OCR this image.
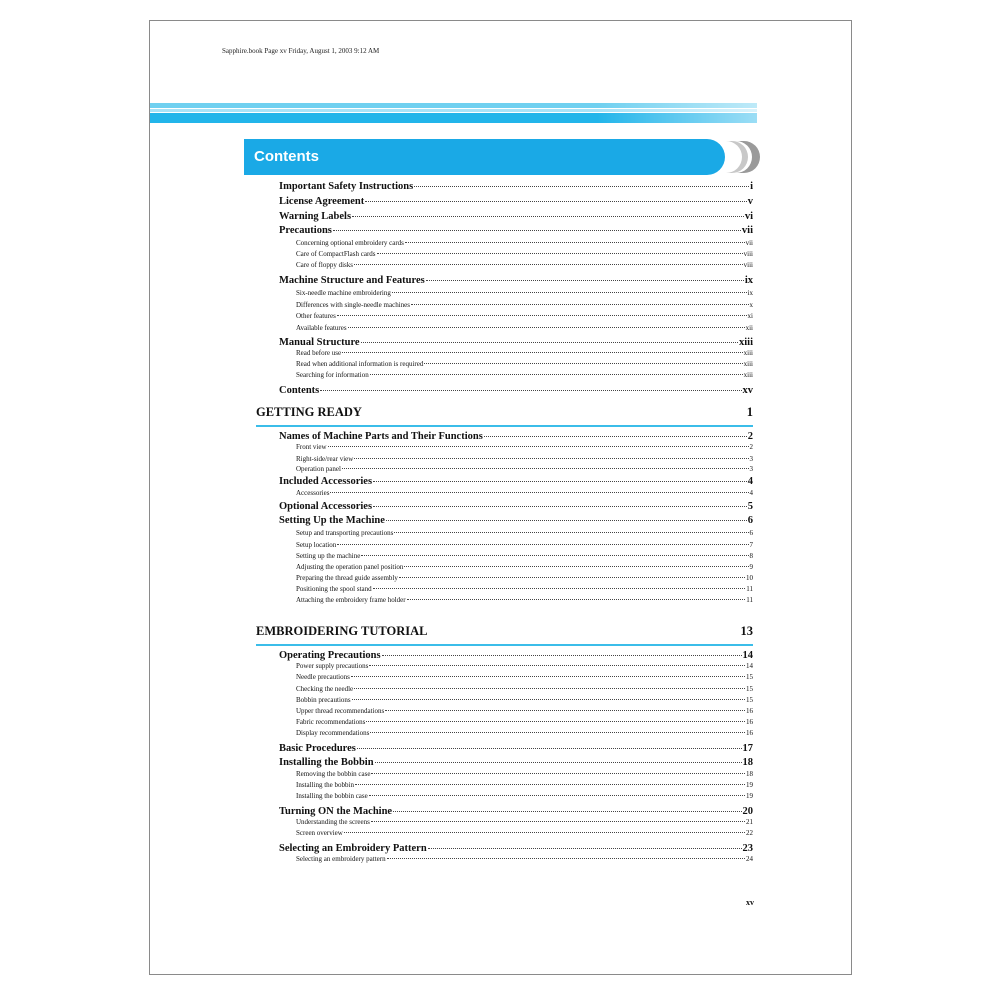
Sapphire.book Page xv Friday, August 1, 2003 9:12 AM
Contents
Important Safety Instructions	i
License Agreement	v
Warning Labels	vi
Precautions	vii
Concerning optional embroidery cards	vii
Care of CompactFlash cards	viii
Care of floppy disks	viii
Machine Structure and Features	ix
Six-needle machine embroidering	ix
Differences with single-needle machines	x
Other features	xi
Available features	xii
Manual Structure	xiii
Read before use	xiii
Read when additional information is required	xiii
Searching for information	xiii
Contents	xv
GETTING READY	1
Names of Machine Parts and Their Functions	2
Front view	2
Right-side/rear view	3
Operation panel	3
Included Accessories	4
Accessories	4
Optional Accessories	5
Setting Up the Machine	6
Setup and transporting precautions	6
Setup location	7
Setting up the machine	8
Adjusting the operation panel position	9
Preparing the thread guide assembly	10
Positioning the spool stand	11
Attaching the embroidery frame holder	11
EMBROIDERING TUTORIAL	13
Operating Precautions	14
Power supply precautions	14
Needle precautions	15
Checking the needle	15
Bobbin precautions	15
Upper thread recommendations	16
Fabric recommendations	16
Display recommendations	16
Basic Procedures	17
Installing the Bobbin	18
Removing the bobbin case	18
Installing the bobbin	19
Installing the bobbin case	19
Turning ON the Machine	20
Understanding the screens	21
Screen overview	22
Selecting an Embroidery Pattern	23
Selecting an embroidery pattern	24
xv
